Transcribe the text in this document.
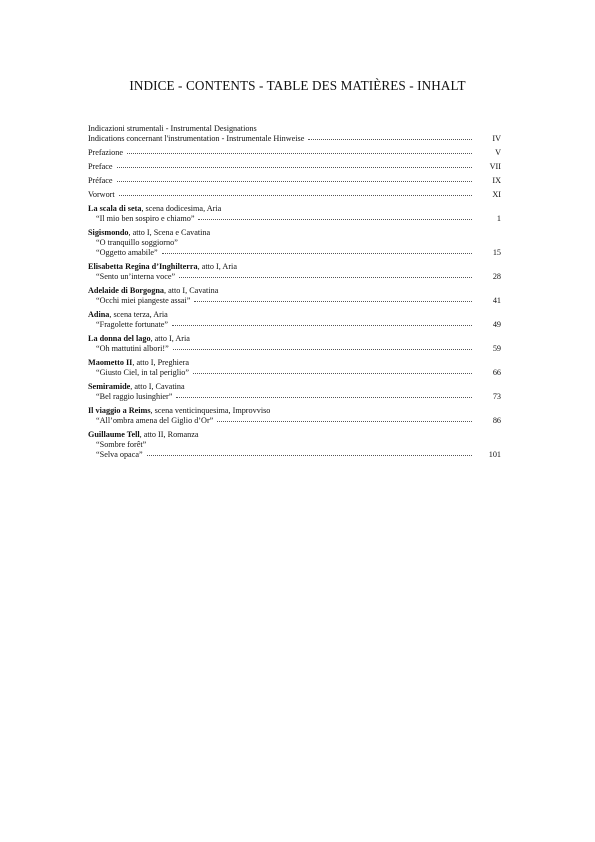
INDICE - CONTENTS - TABLE DES MATIÈRES - INHALT
Indicazioni strumentali - Instrumental Designations
Indications concernant l'instrumentation - Instrumentale Hinweise	IV
Prefazione	V
Preface	VII
Préface	IX
Vorwort	XI
La scala di seta, scena dodicesima, Aria
“Il mio ben sospiro e chiamo”	1
Sigismondo, atto I, Scena e Cavatina
“O tranquillo soggiorno”
“Oggetto amabile”	15
Elisabetta Regina d’Inghilterra, atto I, Aria
“Sento un’interna voce”	28
Adelaide di Borgogna, atto I, Cavatina
“Occhi miei piangeste assai”	41
Adina, scena terza, Aria
“Fragolette fortunate”	49
La donna del lago, atto I, Aria
“Oh mattutini albori!”	59
Maometto II, atto I, Preghiera
“Giusto Ciel, in tal periglio”	66
Semiramide, atto I, Cavatina
“Bel raggio lusinghier”	73
Il viaggio a Reims, scena venticinquesima, Improvviso
“All’ombra amena del Giglio d’Or”	86
Guillaume Tell, atto II, Romanza
“Sombre forêt”
“Selva opaca”	101
